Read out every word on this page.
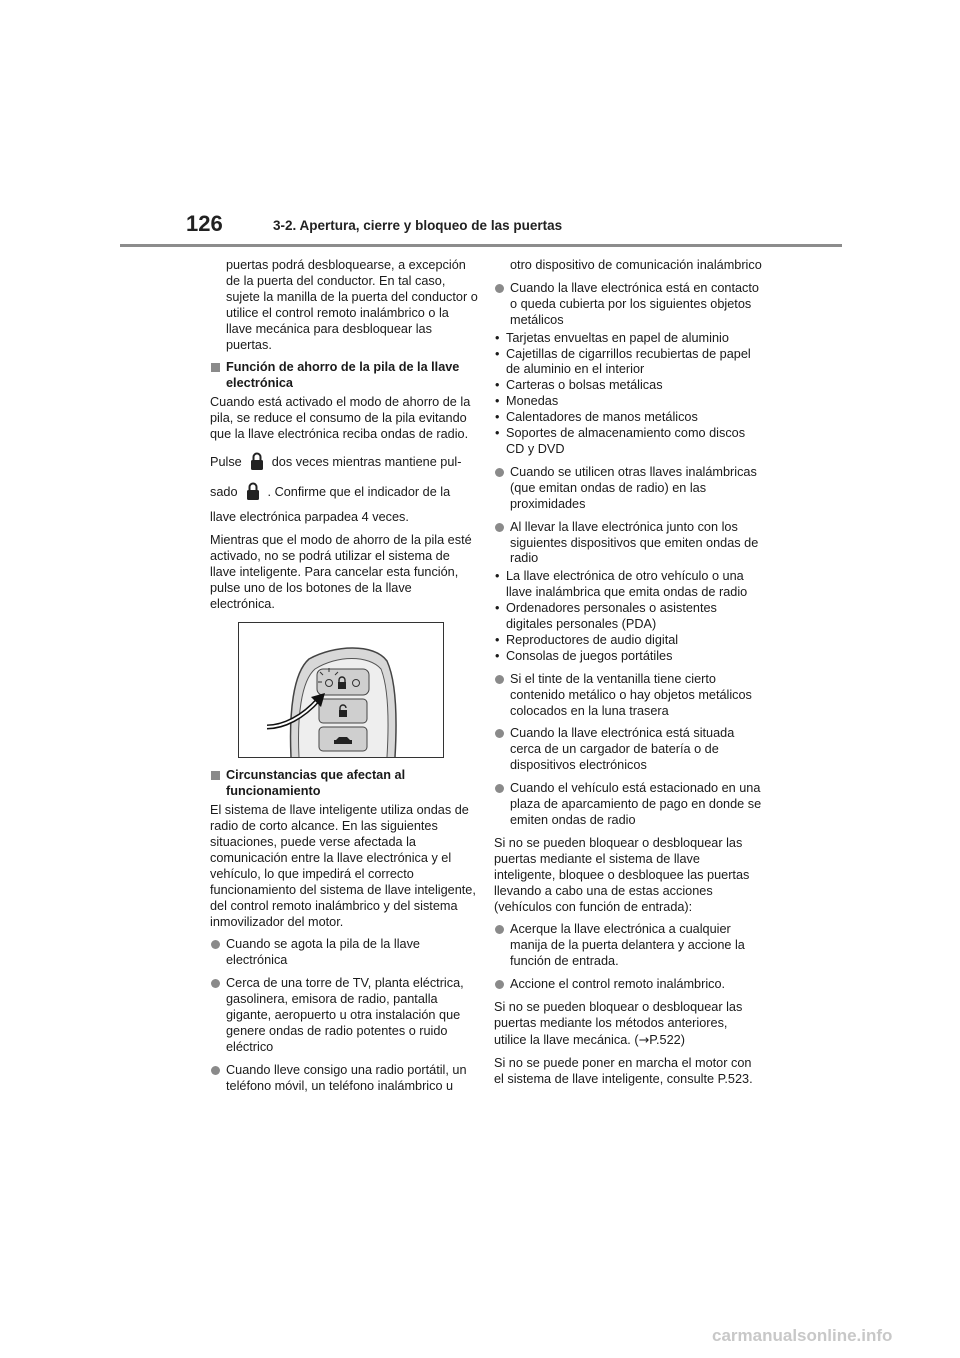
126	3-2. Apertura, cierre y bloqueo de las puertas

puertas podrá desbloquearse, a excepción de la puerta del conductor. En tal caso, sujete la manilla de la puerta del conductor o utilice el control remoto inalámbrico o la llave mecánica para desbloquear las puertas.

Función de ahorro de la pila de la llave electrónica

Cuando está activado el modo de ahorro de la pila, se reduce el consumo de la pila evitando que la llave electrónica reciba ondas de radio.

Pulse dos veces mientras mantiene pul-
sado . Confirme que el indicador de la

llave electrónica parpadea 4 veces.

Mientras que el modo de ahorro de la pila esté activado, no se podrá utilizar el sistema de llave inteligente. Para cancelar esta función, pulse uno de los botones de la llave electrónica.

Circunstancias que afectan al funcionamiento

El sistema de llave inteligente utiliza ondas de radio de corto alcance. En las siguientes situaciones, puede verse afectada la comunicación entre la llave electrónica y el vehículo, lo que impedirá el correcto funcionamiento del sistema de llave inteligente, del control remoto inalámbrico y del sistema inmovilizador del motor.

Cuando se agota la pila de la llave electrónica
Cerca de una torre de TV, planta eléctrica, gasolinera, emisora de radio, pantalla gigante, aeropuerto u otra instalación que genere ondas de radio potentes o ruido eléctrico
Cuando lleve consigo una radio portátil, un teléfono móvil, un teléfono inalámbrico u

otro dispositivo de comunicación inalámbrico

Cuando la llave electrónica está en contacto o queda cubierta por los siguientes objetos metálicos
• Tarjetas envueltas en papel de aluminio
• Cajetillas de cigarrillos recubiertas de papel de aluminio en el interior
• Carteras o bolsas metálicas
• Monedas
• Calentadores de manos metálicos
• Soportes de almacenamiento como discos CD y DVD
Cuando se utilicen otras llaves inalámbricas (que emitan ondas de radio) en las proximidades
Al llevar la llave electrónica junto con los siguientes dispositivos que emiten ondas de radio
• La llave electrónica de otro vehículo o una llave inalámbrica que emita ondas de radio
• Ordenadores personales o asistentes digitales personales (PDA)
• Reproductores de audio digital
• Consolas de juegos portátiles
Si el tinte de la ventanilla tiene cierto contenido metálico o hay objetos metálicos colocados en la luna trasera
Cuando la llave electrónica está situada cerca de un cargador de batería o de dispositivos electrónicos
Cuando el vehículo está estacionado en una plaza de aparcamiento de pago en donde se emiten ondas de radio

Si no se pueden bloquear o desbloquear las puertas mediante el sistema de llave inteligente, bloquee o desbloquee las puertas llevando a cabo una de estas acciones (vehículos con función de entrada):

Acerque la llave electrónica a cualquier manija de la puerta delantera y accione la función de entrada.
Accione el control remoto inalámbrico.

Si no se pueden bloquear o desbloquear las puertas mediante los métodos anteriores, utilice la llave mecánica. (→P.522)

Si no se puede poner en marcha el motor con el sistema de llave inteligente, consulte P.523.

carmanualsonline.info
